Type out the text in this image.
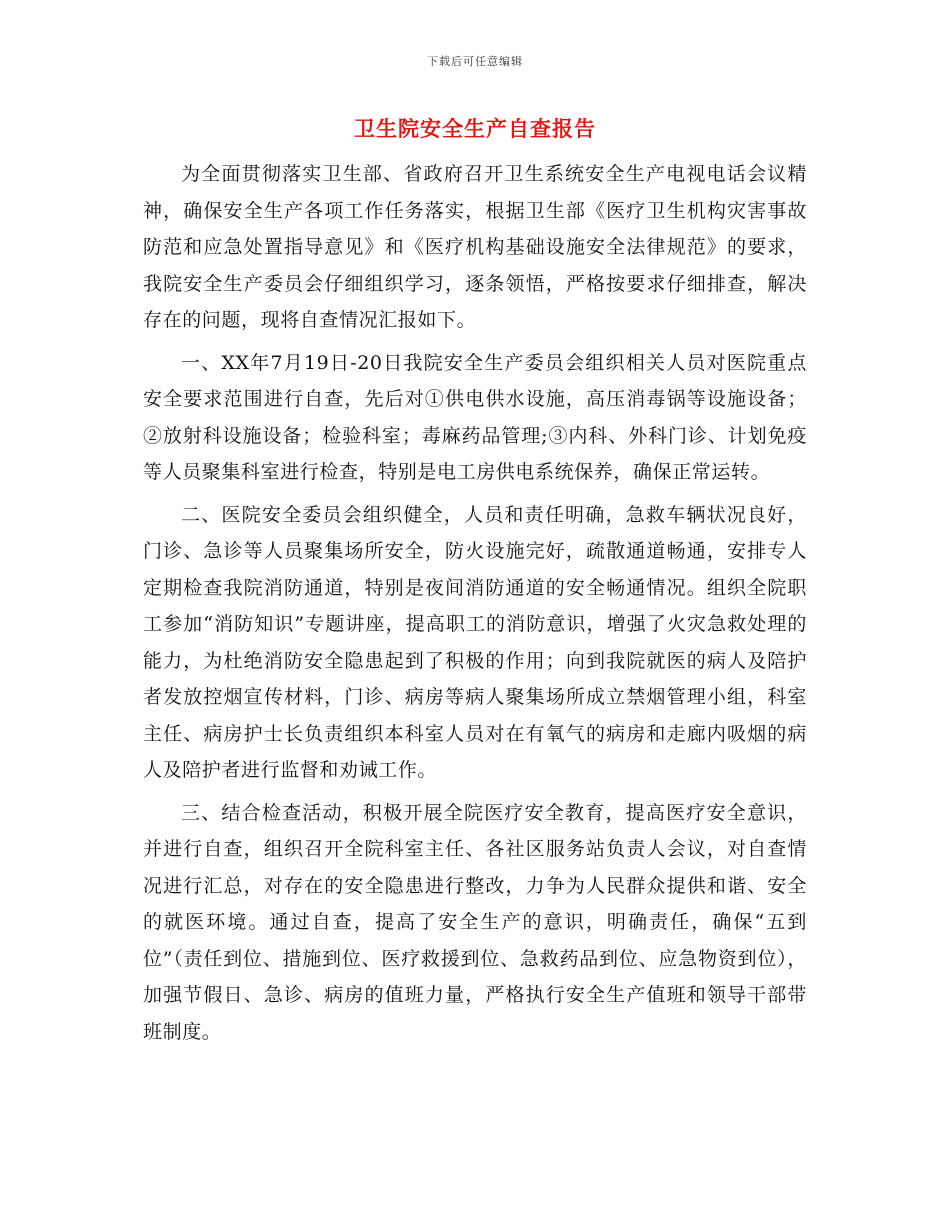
下载后可任意编辑
卫生院安全生产自查报告

为全面贯彻落实卫生部、省政府召开卫生系统安全生产电视电话会议精神，确保安全生产各项工作任务落实，根据卫生部《医疗卫生机构灾害事故防范和应急处置指导意见》和《医疗机构基础设施安全法律规范》的要求，我院安全生产委员会仔细组织学习，逐条领悟，严格按要求仔细排查，解决存在的问题，现将自查情况汇报如下。

一、XX年7月19日-20日我院安全生产委员会组织相关人员对医院重点安全要求范围进行自查，先后对①供电供水设施，高压消毒锅等设施设备；②放射科设施设备；检验科室；毒麻药品管理;③内科、外科门诊、计划免疫等人员聚集科室进行检查，特别是电工房供电系统保养，确保正常运转。

二、医院安全委员会组织健全，人员和责任明确，急救车辆状况良好，门诊、急诊等人员聚集场所安全，防火设施完好，疏散通道畅通，安排专人定期检查我院消防通道，特别是夜间消防通道的安全畅通情况。组织全院职工参加“消防知识”专题讲座，提高职工的消防意识，增强了火灾急救处理的能力，为杜绝消防安全隐患起到了积极的作用；向到我院就医的病人及陪护者发放控烟宣传材料，门诊、病房等病人聚集场所成立禁烟管理小组，科室主任、病房护士长负责组织本科室人员对在有氧气的病房和走廊内吸烟的病人及陪护者进行监督和劝诫工作。

三、结合检查活动，积极开展全院医疗安全教育，提高医疗安全意识，并进行自查，组织召开全院科室主任、各社区服务站负责人会议，对自查情况进行汇总，对存在的安全隐患进行整改，力争为人民群众提供和谐、安全的就医环境。通过自查，提高了安全生产的意识，明确责任，确保“五到位”（责任到位、措施到位、医疗救援到位、急救药品到位、应急物资到位），加强节假日、急诊、病房的值班力量，严格执行安全生产值班和领导干部带班制度。
